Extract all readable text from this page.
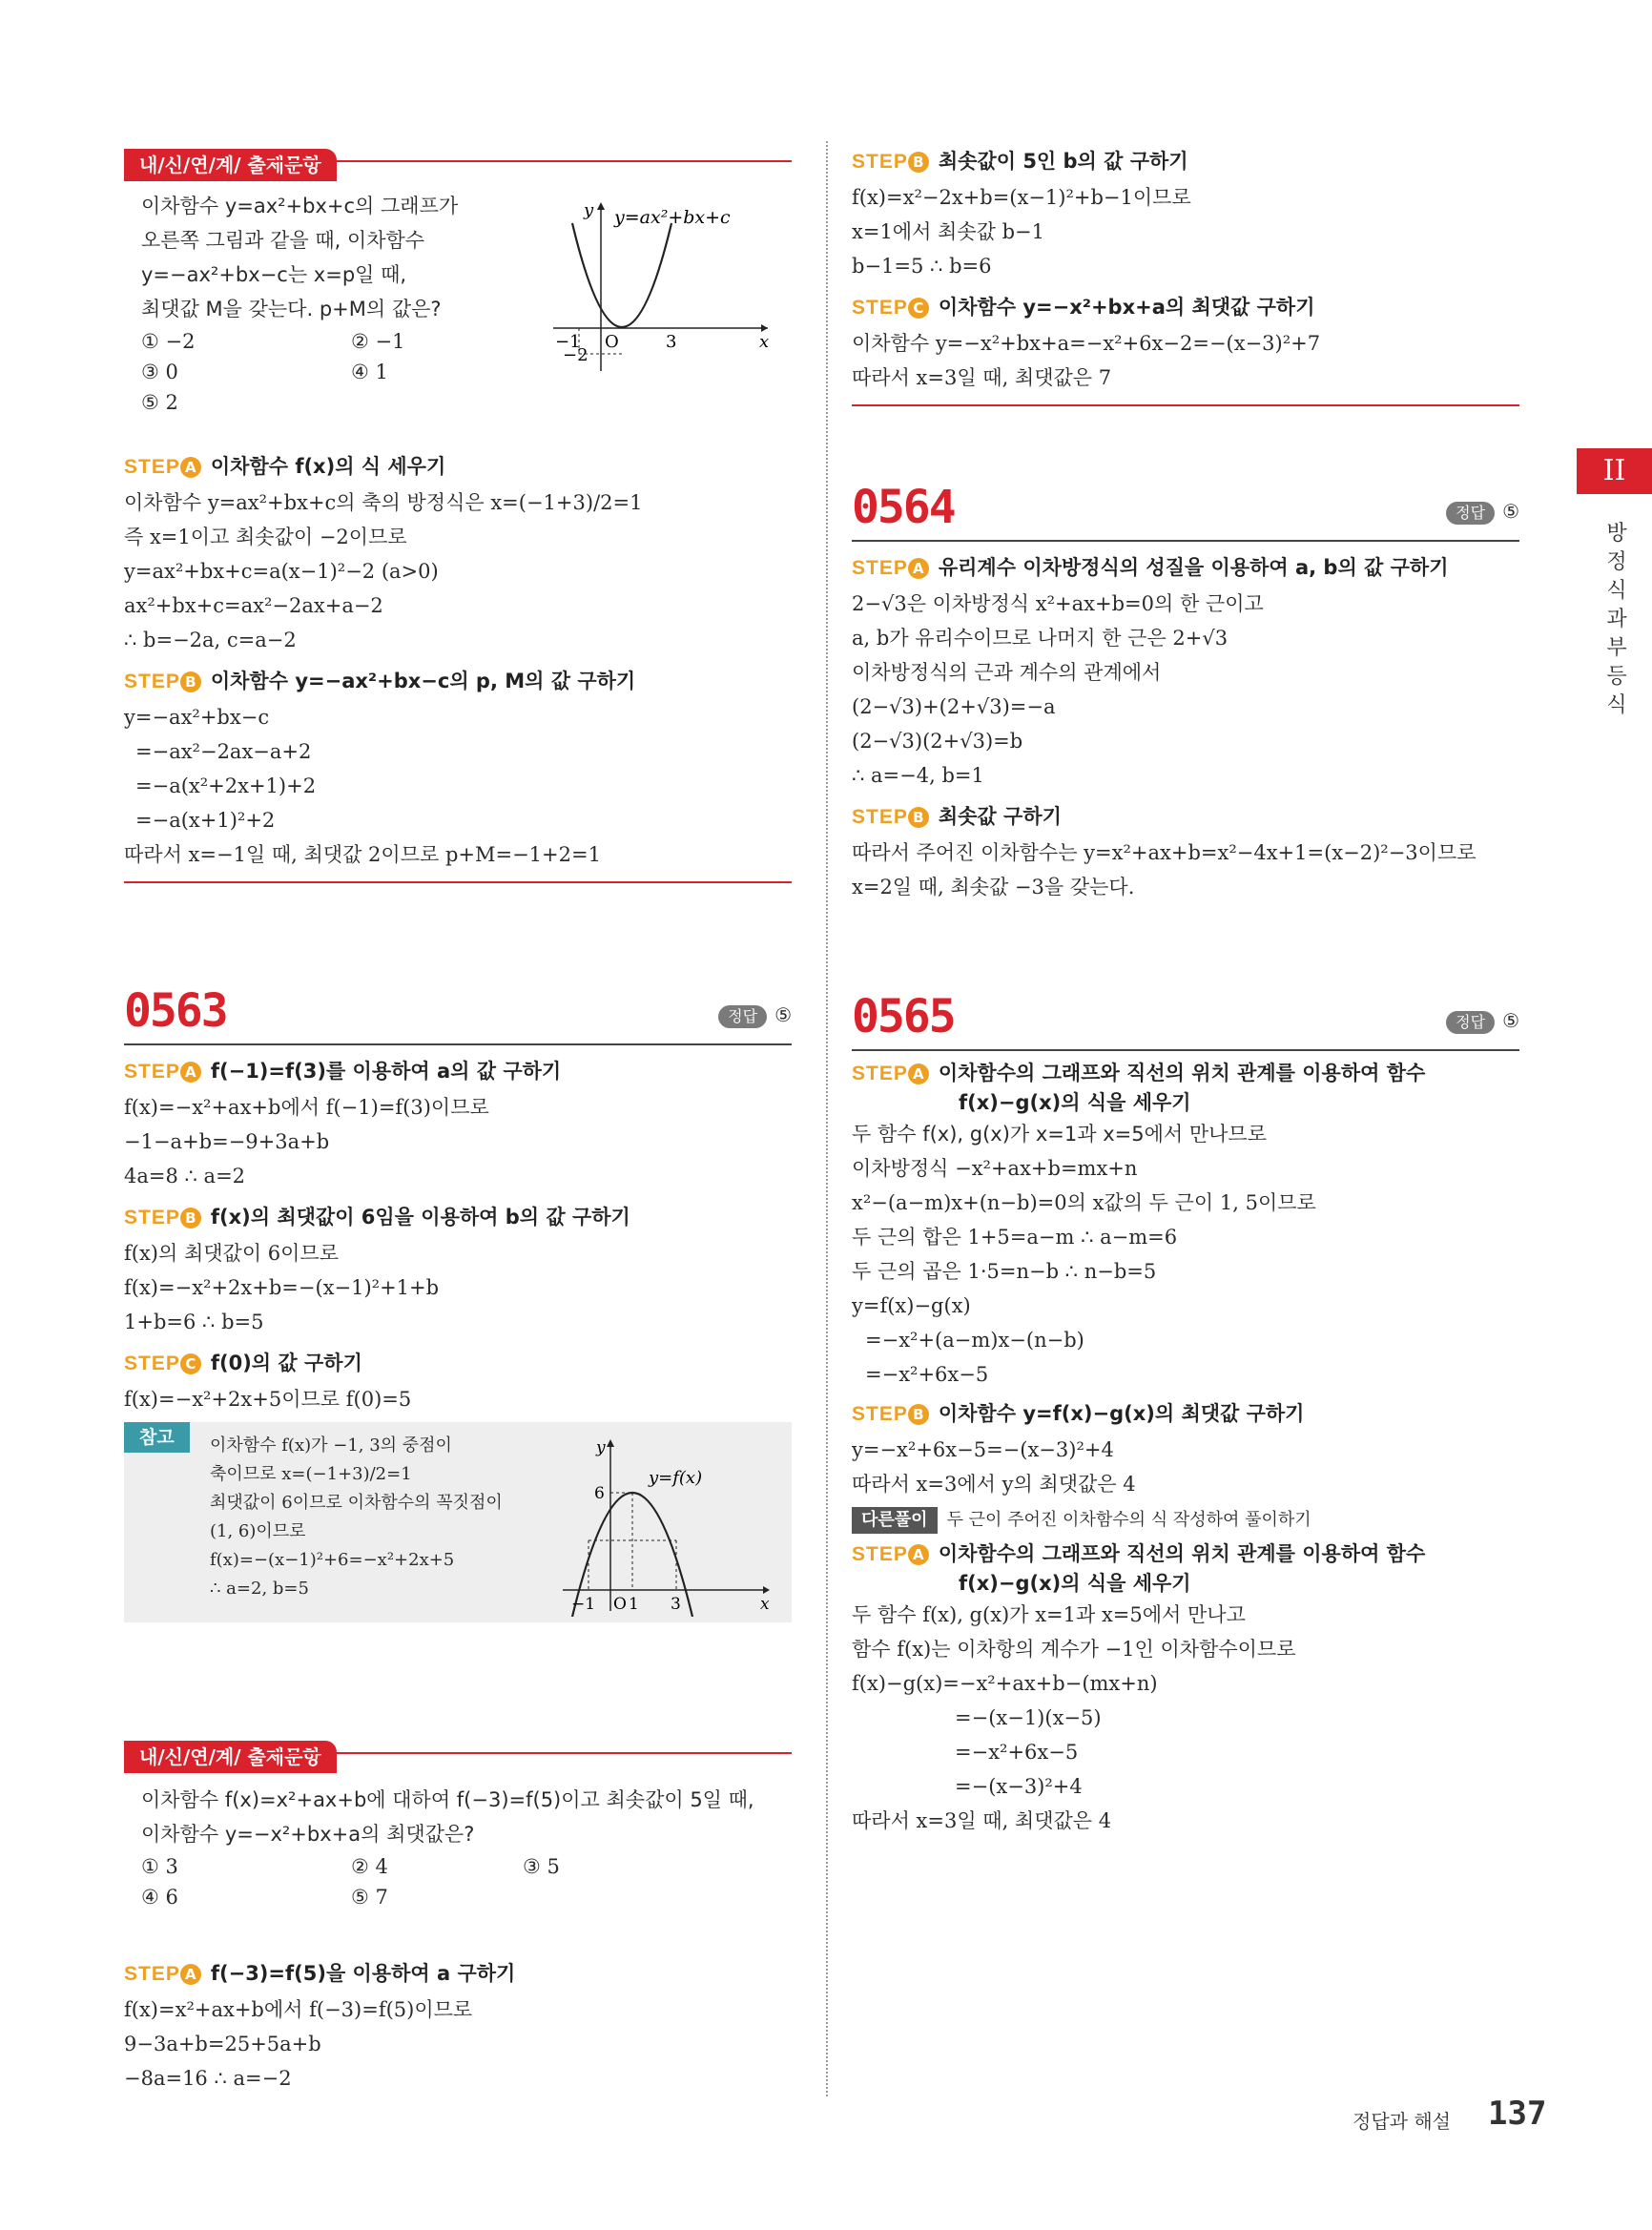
내/신/연/계/ 출제문항
이차함수 y=ax²+bx+c의 그래프가
오른쪽 그림과 같을 때, 이차함수
y=−ax²+bx−c는 x=p일 때,
최댓값 M을 갖는다. p+M의 값은?
① −2	② −1
③ 0	④ 1
⑤ 2
y=ax²+bx+c
y
x
−1 O	3
−2
STEP A 이차함수 f(x)의 식 세우기
이차함수 y=ax²+bx+c의 축의 방정식은 x=(−1+3)/2=1
즉 x=1이고 최솟값이 −2이므로
y=ax²+bx+c=a(x−1)²−2 (a>0)
ax²+bx+c=ax²−2ax+a−2
∴ b=−2a, c=a−2
STEP B 이차함수 y=−ax²+bx−c의 p, M의 값 구하기
y=−ax²+bx−c
=−ax²−2ax−a+2
=−a(x²+2x+1)+2
=−a(x+1)²+2
따라서 x=−1일 때, 최댓값 2이므로 p+M=−1+2=1
0563	정답 ⑤
STEP A f(−1)=f(3)를 이용하여 a의 값 구하기
f(x)=−x²+ax+b에서 f(−1)=f(3)이므로
−1−a+b=−9+3a+b
4a=8 ∴ a=2
STEP B f(x)의 최댓값이 6임을 이용하여 b의 값 구하기
f(x)의 최댓값이 6이므로
f(x)=−x²+2x+b=−(x−1)²+1+b
1+b=6 ∴ b=5
STEP C f(0)의 값 구하기
f(x)=−x²+2x+5이므로 f(0)=5
참고	이차함수 f(x)가 −1, 3의 중점이
축이므로 x=(−1+3)/2=1
최댓값이 6이므로 이차함수의 꼭짓점이
(1, 6)이므로
f(x)=−(x−1)²+6=−x²+2x+5
∴ a=2, b=5
y
y=f(x)
x
6
−1 O 1 3
내/신/연/계/ 출제문항
이차함수 f(x)=x²+ax+b에 대하여 f(−3)=f(5)이고 최솟값이 5일 때,
이차함수 y=−x²+bx+a의 최댓값은?
① 3	② 4	③ 5
④ 6	⑤ 7
STEP A f(−3)=f(5)을 이용하여 a 구하기
f(x)=x²+ax+b에서 f(−3)=f(5)이므로
9−3a+b=25+5a+b
−8a=16 ∴ a=−2
STEP B 최솟값이 5인 b의 값 구하기
f(x)=x²−2x+b=(x−1)²+b−1이므로
x=1에서 최솟값 b−1
b−1=5 ∴ b=6
STEP C 이차함수 y=−x²+bx+a의 최댓값 구하기
이차함수 y=−x²+bx+a=−x²+6x−2=−(x−3)²+7
따라서 x=3일 때, 최댓값은 7
0564	정답 ⑤
STEP A 유리계수 이차방정식의 성질을 이용하여 a, b의 값 구하기
2−√3은 이차방정식 x²+ax+b=0의 한 근이고
a, b가 유리수이므로 나머지 한 근은 2+√3
이차방정식의 근과 계수의 관계에서
(2−√3)+(2+√3)=−a
(2−√3)(2+√3)=b
∴ a=−4, b=1
STEP B 최솟값 구하기
따라서 주어진 이차함수는 y=x²+ax+b=x²−4x+1=(x−2)²−3이므로
x=2일 때, 최솟값 −3을 갖는다.
0565	정답 ⑤
STEP A 이차함수의 그래프와 직선의 위치 관계를 이용하여 함수
f(x)−g(x)의 식을 세우기
두 함수 f(x), g(x)가 x=1과 x=5에서 만나므로
이차방정식 −x²+ax+b=mx+n
x²−(a−m)x+(n−b)=0의 x값의 두 근이 1, 5이므로
두 근의 합은 1+5=a−m ∴ a−m=6
두 근의 곱은 1·5=n−b ∴ n−b=5
y=f(x)−g(x)
=−x²+(a−m)x−(n−b)
=−x²+6x−5
STEP B 이차함수 y=f(x)−g(x)의 최댓값 구하기
y=−x²+6x−5=−(x−3)²+4
따라서 x=3에서 y의 최댓값은 4
다른풀이 두 근이 주어진 이차함수의 식 작성하여 풀이하기
STEP A 이차함수의 그래프와 직선의 위치 관계를 이용하여 함수
f(x)−g(x)의 식을 세우기
두 함수 f(x), g(x)가 x=1과 x=5에서 만나고
함수 f(x)는 이차항의 계수가 −1인 이차함수이므로
f(x)−g(x)=−x²+ax+b−(mx+n)
=−(x−1)(x−5)
=−x²+6x−5
=−(x−3)²+4
따라서 x=3일 때, 최댓값은 4
II
방정식과 부등식
정답과 해설 137
